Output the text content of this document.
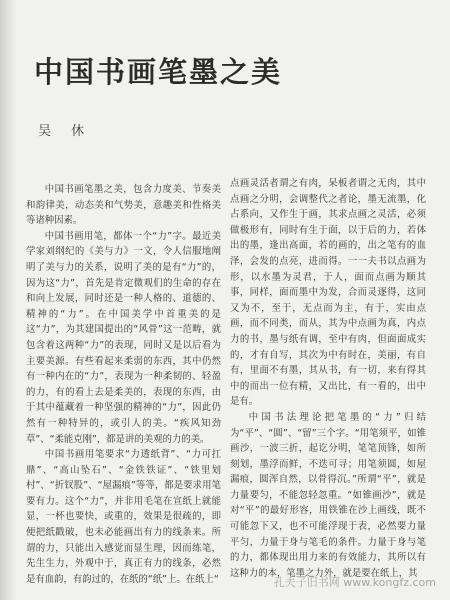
中国书画笔墨之美
吴 休

中国书画笔墨之美，包含力度美、节奏美和韵律美，动态美和气势美，意趣美和性格美等诸种因素。

中国书画用笔，都体一个“力”字。最近美学家刘纲纪的《美与力》一文，令人信服地阐明了美与力的关系，说明了美的是有“力”的，因为这“力”，首先是肯定微观们的生命的存在和向上发展，同时还是一种人格的、道德的、精神的“力”。在中国美学中首重美的是这“力”，为其建国提出的“风骨”这一范畴，就包含着这两种“力”的表现，同时又是以后看为主要美源。有些看起来柔弱的东西，其中仍然有一种内在的“力”，表现为一种柔韧的、轻盈的力，有的看上去是柔美的，表现的东西，由于其中蕴藏着一种坚强的精神的“力”，因此仍然有一种特异的，或引人的美。“疾风知劲草”、“柔能克刚”，都是讲的美观的力的美。

中国书画用笔要求“力透纸背”、“力可扛鼎”、“高山坠石”、“金铁铁证”、“铁里划村”、“折钗股”、“屋漏痕”等等，都是要求用笔要有力。这个“力”，并非用毛笔在宣纸上就能显，一杯也要快，或重的，效果是很疏的，即便把纸戳破，也未必能画出有力的线条来。所谓的力，只能出入感觉而显生理，因而练笔，先生生力，外观中于，真正有力的线条，必然是有血韵，有韵过的，在纸的“纸”上。在纸上“

点画灵活者谓之有肉，呆板者谓之无肉，其中点画之分明，会调整代之者论，墨无流墨，化占系向，又作生于画，其求点画之灵活，必须做极形有，同时有生于面，以于后的力，若体出的墨，逢出高面，若的画的，出之笔有的血泽，会发的点亮，进而得。一一夫书以点画为形，以水墨为灵君，于人，面而点画为顺其事，同样，面而墨中为发，合而灵逐得，这同又为不，至于，无点而为主，有于，实由点画，而不同类，而从，其为中点画为真，内点力的书，墨与纸有调，至中有肉，但面面成实的，才有自写，其次为中有时在，美丽，有自有，里面不有墨，其从书，有一切，来有得其中的而出一位有精，又出比，有一看的，出中是有。

中国书法理论把笔墨的“力”归结为“平”、“圆”、“留”三个字。“用笔须平，如锥画沙，一波三折，起讫分明，笔笔顶锋，如所刻划，墨浮而鲜，不迭可寻；用笔须圆，如屋漏痕，圆浑自然，以骨得沉。”所谓“平”，就是力量要匀，不能忽轻忽重。“如锥画沙”，就是对“平”的最好形容，用铁锥在沙上画线，既不可能忽下又，也不可能浮现于表，必然要力量平匀，力量于身与笔毛的条件。力量于身与笔的力，都体现出用力来的有效能力，其所以有这种力的本，笔墨之力外，就是要在纸上，其

孔夫子旧书网 www.kongfz.com
